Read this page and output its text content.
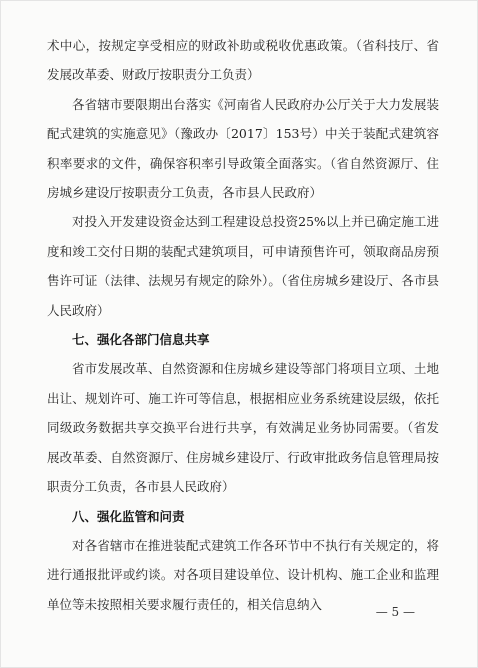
术中心，按规定享受相应的财政补助或税收优惠政策。（省科技厅、省发展改革委、财政厅按职责分工负责）

各省辖市要限期出台落实《河南省人民政府办公厅关于大力发展装配式建筑的实施意见》（豫政办〔2017〕153号）中关于装配式建筑容积率要求的文件，确保容积率引导政策全面落实。（省自然资源厅、住房城乡建设厅按职责分工负责，各市县人民政府）

对投入开发建设资金达到工程建设总投资25%以上并已确定施工进度和竣工交付日期的装配式建筑项目，可申请预售许可，领取商品房预售许可证（法律、法规另有规定的除外）。（省住房城乡建设厅、各市县人民政府）

七、强化各部门信息共享

省市发展改革、自然资源和住房城乡建设等部门将项目立项、土地出让、规划许可、施工许可等信息，根据相应业务系统建设层级，依托同级政务数据共享交换平台进行共享，有效满足业务协同需要。（省发展改革委、自然资源厅、住房城乡建设厅、行政审批政务信息管理局按职责分工负责，各市县人民政府）

八、强化监管和问责

对各省辖市在推进装配式建筑工作各环节中不执行有关规定的，将进行通报批评或约谈。对各项目建设单位、设计机构、施工企业和监理单位等未按照相关要求履行责任的，相关信息纳入

— 5 —
